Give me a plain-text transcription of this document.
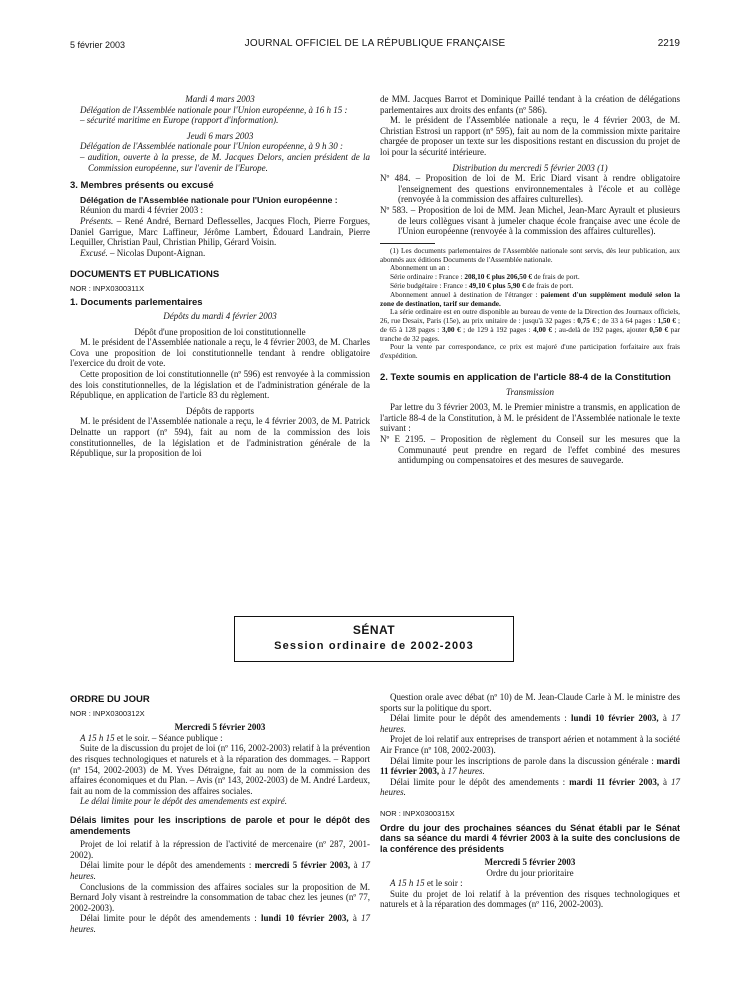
5 février 2003	JOURNAL OFFICIEL DE LA RÉPUBLIQUE FRANÇAISE	2219

Mardi 4 mars 2003

Délégation de l'Assemblée nationale pour l'Union européenne, à 16 h 15 :

– sécurité maritime en Europe (rapport d'information).

Jeudi 6 mars 2003

Délégation de l'Assemblée nationale pour l'Union européenne, à 9 h 30 :

– audition, ouverte à la presse, de M. Jacques Delors, ancien président de la Commission européenne, sur l'avenir de l'Europe.

3. Membres présents ou excusé

Délégation de l'Assemblée nationale pour l'Union européenne :

Réunion du mardi 4 février 2003 :

Présents. – René André, Bernard Deflesselles, Jacques Floch, Pierre Forgues, Daniel Garrigue, Marc Laffineur, Jérôme Lambert, Édouard Landrain, Pierre Lequiller, Christian Paul, Christian Philip, Gérard Voisin.

Excusé. – Nicolas Dupont-Aignan.

DOCUMENTS ET PUBLICATIONS

NOR : INPX0300311X

1. Documents parlementaires

Dépôts du mardi 4 février 2003

Dépôt d'une proposition de loi constitutionnelle

M. le président de l'Assemblée nationale a reçu, le 4 février 2003, de M. Charles Cova une proposition de loi constitutionnelle tendant à rendre obligatoire l'exercice du droit de vote.

Cette proposition de loi constitutionnelle (nº 596) est renvoyée à la commission des lois constitutionnelles, de la législation et de l'administration générale de la République, en application de l'article 83 du règlement.

Dépôts de rapports

M. le président de l'Assemblée nationale a reçu, le 4 février 2003, de M. Patrick Delnatte un rapport (nº 594), fait au nom de la commission des lois constitutionnelles, de la législation et de l'administration générale de la République, sur la proposition de loi

de MM. Jacques Barrot et Dominique Paillé tendant à la création de délégations parlementaires aux droits des enfants (nº 586).

M. le président de l'Assemblée nationale a reçu, le 4 février 2003, de M. Christian Estrosi un rapport (nº 595), fait au nom de la commission mixte paritaire chargée de proposer un texte sur les dispositions restant en discussion du projet de loi pour la sécurité intérieure.

Distribution du mercredi 5 février 2003 (1)

Nº 484. – Proposition de loi de M. Eric Diard visant à rendre obligatoire l'enseignement des questions environnementales à l'école et au collège (renvoyée à la commission des affaires culturelles).

Nº 583. – Proposition de loi de MM. Jean Michel, Jean-Marc Ayrault et plusieurs de leurs collègues visant à jumeler chaque école française avec une école de l'Union européenne (renvoyée à la commission des affaires culturelles).

(1) Les documents parlementaires de l'Assemblée nationale sont servis, dès leur publication, aux abonnés aux éditions Documents de l'Assemblée nationale.

Abonnement un an :

Série ordinaire : France : 208,10 € plus 206,50 € de frais de port.

Série budgétaire : France : 49,10 € plus 5,90 € de frais de port.

Abonnement annuel à destination de l'étranger : paiement d'un supplément modulé selon la zone de destination, tarif sur demande.

La série ordinaire est en outre disponible au bureau de vente de la Direction des Journaux officiels, 26, rue Desaix, Paris (15e), au prix unitaire de : jusqu'à 32 pages : 0,75 € ; de 33 à 64 pages : 1,50 € ; de 65 à 128 pages : 3,00 € ; de 129 à 192 pages : 4,00 € ; au-delà de 192 pages, ajouter 0,50 € par tranche de 32 pages.

Pour la vente par correspondance, ce prix est majoré d'une participation forfaitaire aux frais d'expédition.

2. Texte soumis en application de l'article 88-4 de la Constitution

Transmission

Par lettre du 3 février 2003, M. le Premier ministre a transmis, en application de l'article 88-4 de la Constitution, à M. le président de l'Assemblée nationale le texte suivant :

Nº E 2195. – Proposition de règlement du Conseil sur les mesures que la Communauté peut prendre en regard de l'effet combiné des mesures antidumping ou compensatoires et des mesures de sauvegarde.

SÉNAT
Session ordinaire de 2002-2003

ORDRE DU JOUR

NOR : INPX0300312X

Mercredi 5 février 2003

A 15 h 15 et le soir. – Séance publique :

Suite de la discussion du projet de loi (nº 116, 2002-2003) relatif à la prévention des risques technologiques et naturels et à la réparation des dommages. – Rapport (nº 154, 2002-2003) de M. Yves Détraigne, fait au nom de la commission des affaires économiques et du Plan. – Avis (nº 143, 2002-2003) de M. André Lardeux, fait au nom de la commission des affaires sociales.

Le délai limite pour le dépôt des amendements est expiré.

Délais limites pour les inscriptions de parole et pour le dépôt des amendements

Projet de loi relatif à la répression de l'activité de mercenaire (nº 287, 2001-2002).

Délai limite pour le dépôt des amendements : mercredi 5 février 2003, à 17 heures.

Conclusions de la commission des affaires sociales sur la proposition de M. Bernard Joly visant à restreindre la consommation de tabac chez les jeunes (nº 77, 2002-2003).

Délai limite pour le dépôt des amendements : lundi 10 février 2003, à 17 heures.

Question orale avec débat (nº 10) de M. Jean-Claude Carle à M. le ministre des sports sur la politique du sport.

Délai limite pour le dépôt des amendements : lundi 10 février 2003, à 17 heures.

Projet de loi relatif aux entreprises de transport aérien et notamment à la société Air France (nº 108, 2002-2003).

Délai limite pour les inscriptions de parole dans la discussion générale : mardi 11 février 2003, à 17 heures.

Délai limite pour le dépôt des amendements : mardi 11 février 2003, à 17 heures.

NOR : INPX0300315X

Ordre du jour des prochaines séances du Sénat établi par le Sénat dans sa séance du mardi 4 février 2003 à la suite des conclusions de la conférence des présidents

Mercredi 5 février 2003

Ordre du jour prioritaire

A 15 h 15 et le soir :

Suite du projet de loi relatif à la prévention des risques technologiques et naturels et à la réparation des dommages (nº 116, 2002-2003).
